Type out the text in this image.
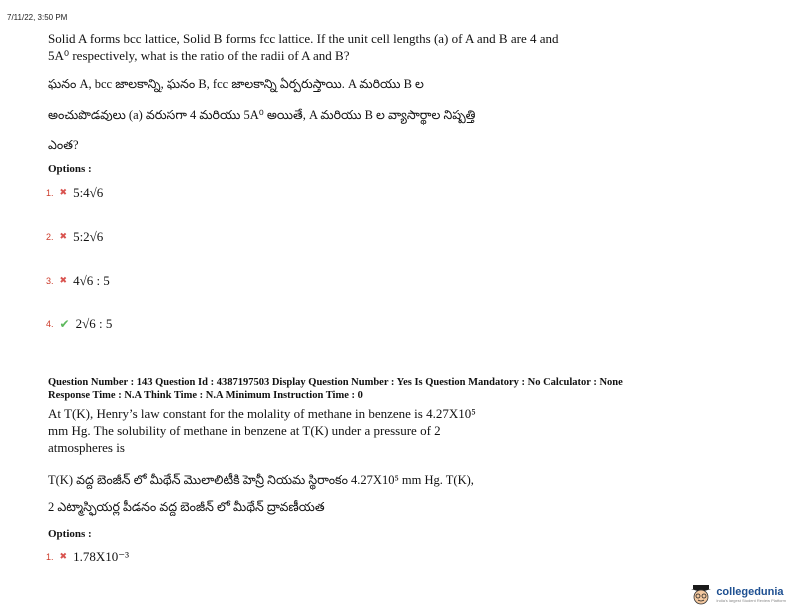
7/11/22, 3:50 PM
Solid A forms bcc lattice, Solid B forms fcc lattice. If the unit cell lengths (a) of A and B are 4 and 5A⁰ respectively, what is the ratio of the radii of A and B?
ఘనం A, bcc జాలకాన్ని, ఘనం B, fcc జాలకాన్ని ఏర్పరుస్తాయి. A మరియు B ల
అంచుపొడవులు (a) వరుసగా 4 మరియు 5A⁰ అయితే, A మరియు B ల వ్యాసార్థాల నిష్పత్తి
ఎంత?
Options :
1. ✖ 5:4√6
2. ✖ 5:2√6
3. ✖ 4√6 : 5
4. ✔ 2√6 : 5
Question Number : 143 Question Id : 4387197503 Display Question Number : Yes Is Question Mandatory : No Calculator : None
Response Time : N.A Think Time : N.A Minimum Instruction Time : 0
At T(K), Henry’s law constant for the molality of methane in benzene is 4.27X10⁵
mm Hg. The solubility of methane in benzene at T(K) under a pressure of 2
atmospheres is
T(K) వద్ద బెంజీన్ లో మీథేన్ మొలాలిటీకి హెన్రీ నియమ స్థిరాంకం 4.27X10⁵ mm Hg. T(K),
2 ఎట్మాస్ఫియర్ల పీడనం వద్ద బెంజీన్ లో మీథేన్ ద్రావణీయత
Options :
1. ✖ 1.78X10⁻³
collegedunia
India's largest Student Review Platform
